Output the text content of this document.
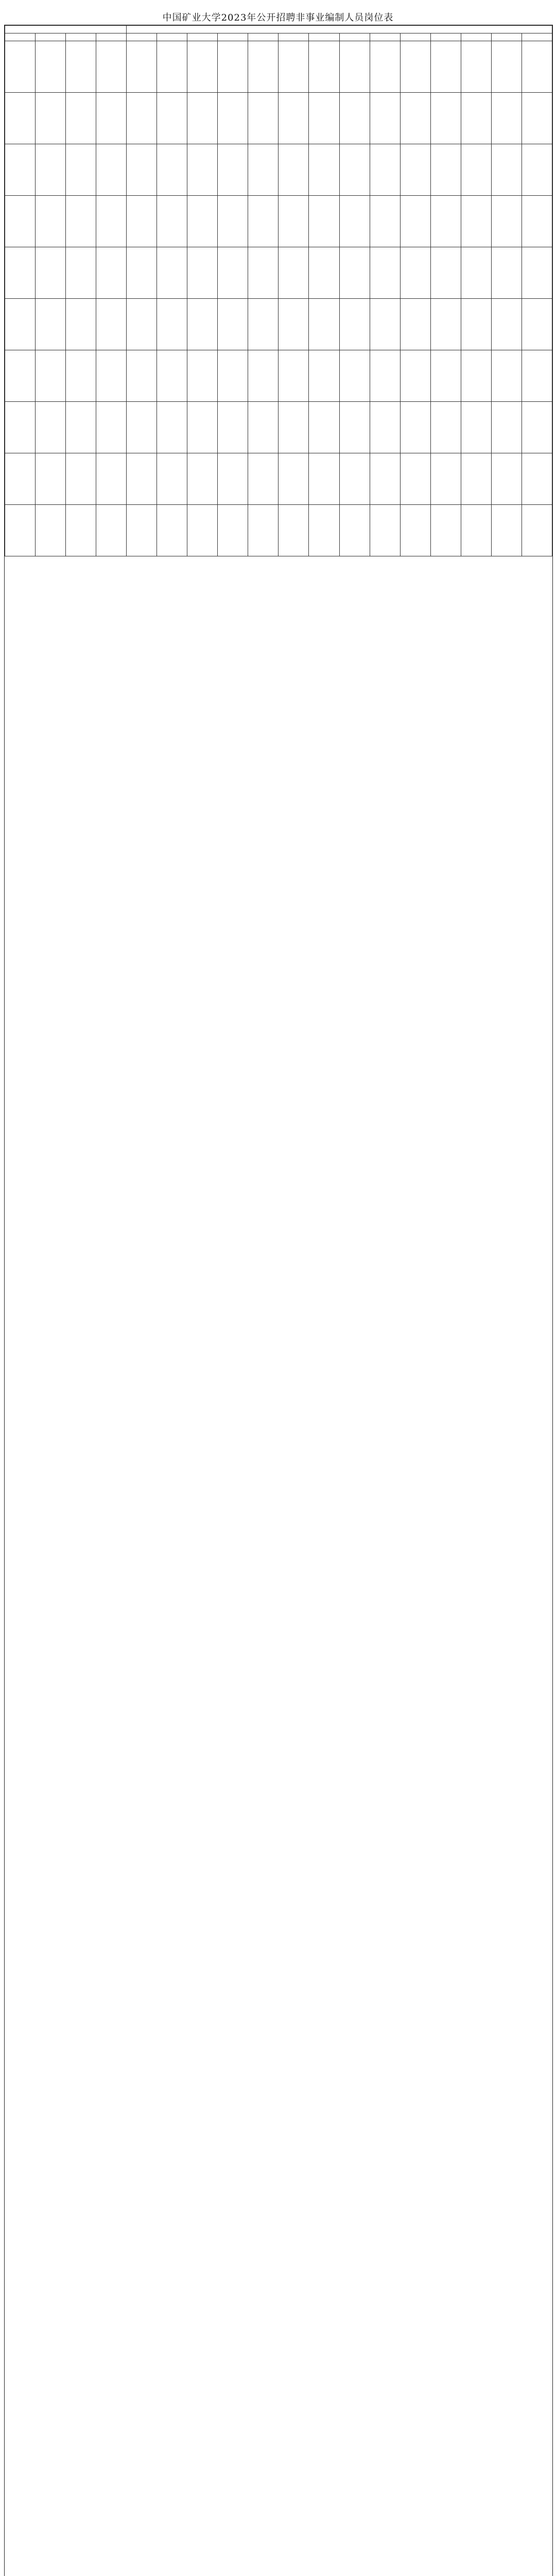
中国矿业大学2023年公开招聘非事业编制人员岗位表
